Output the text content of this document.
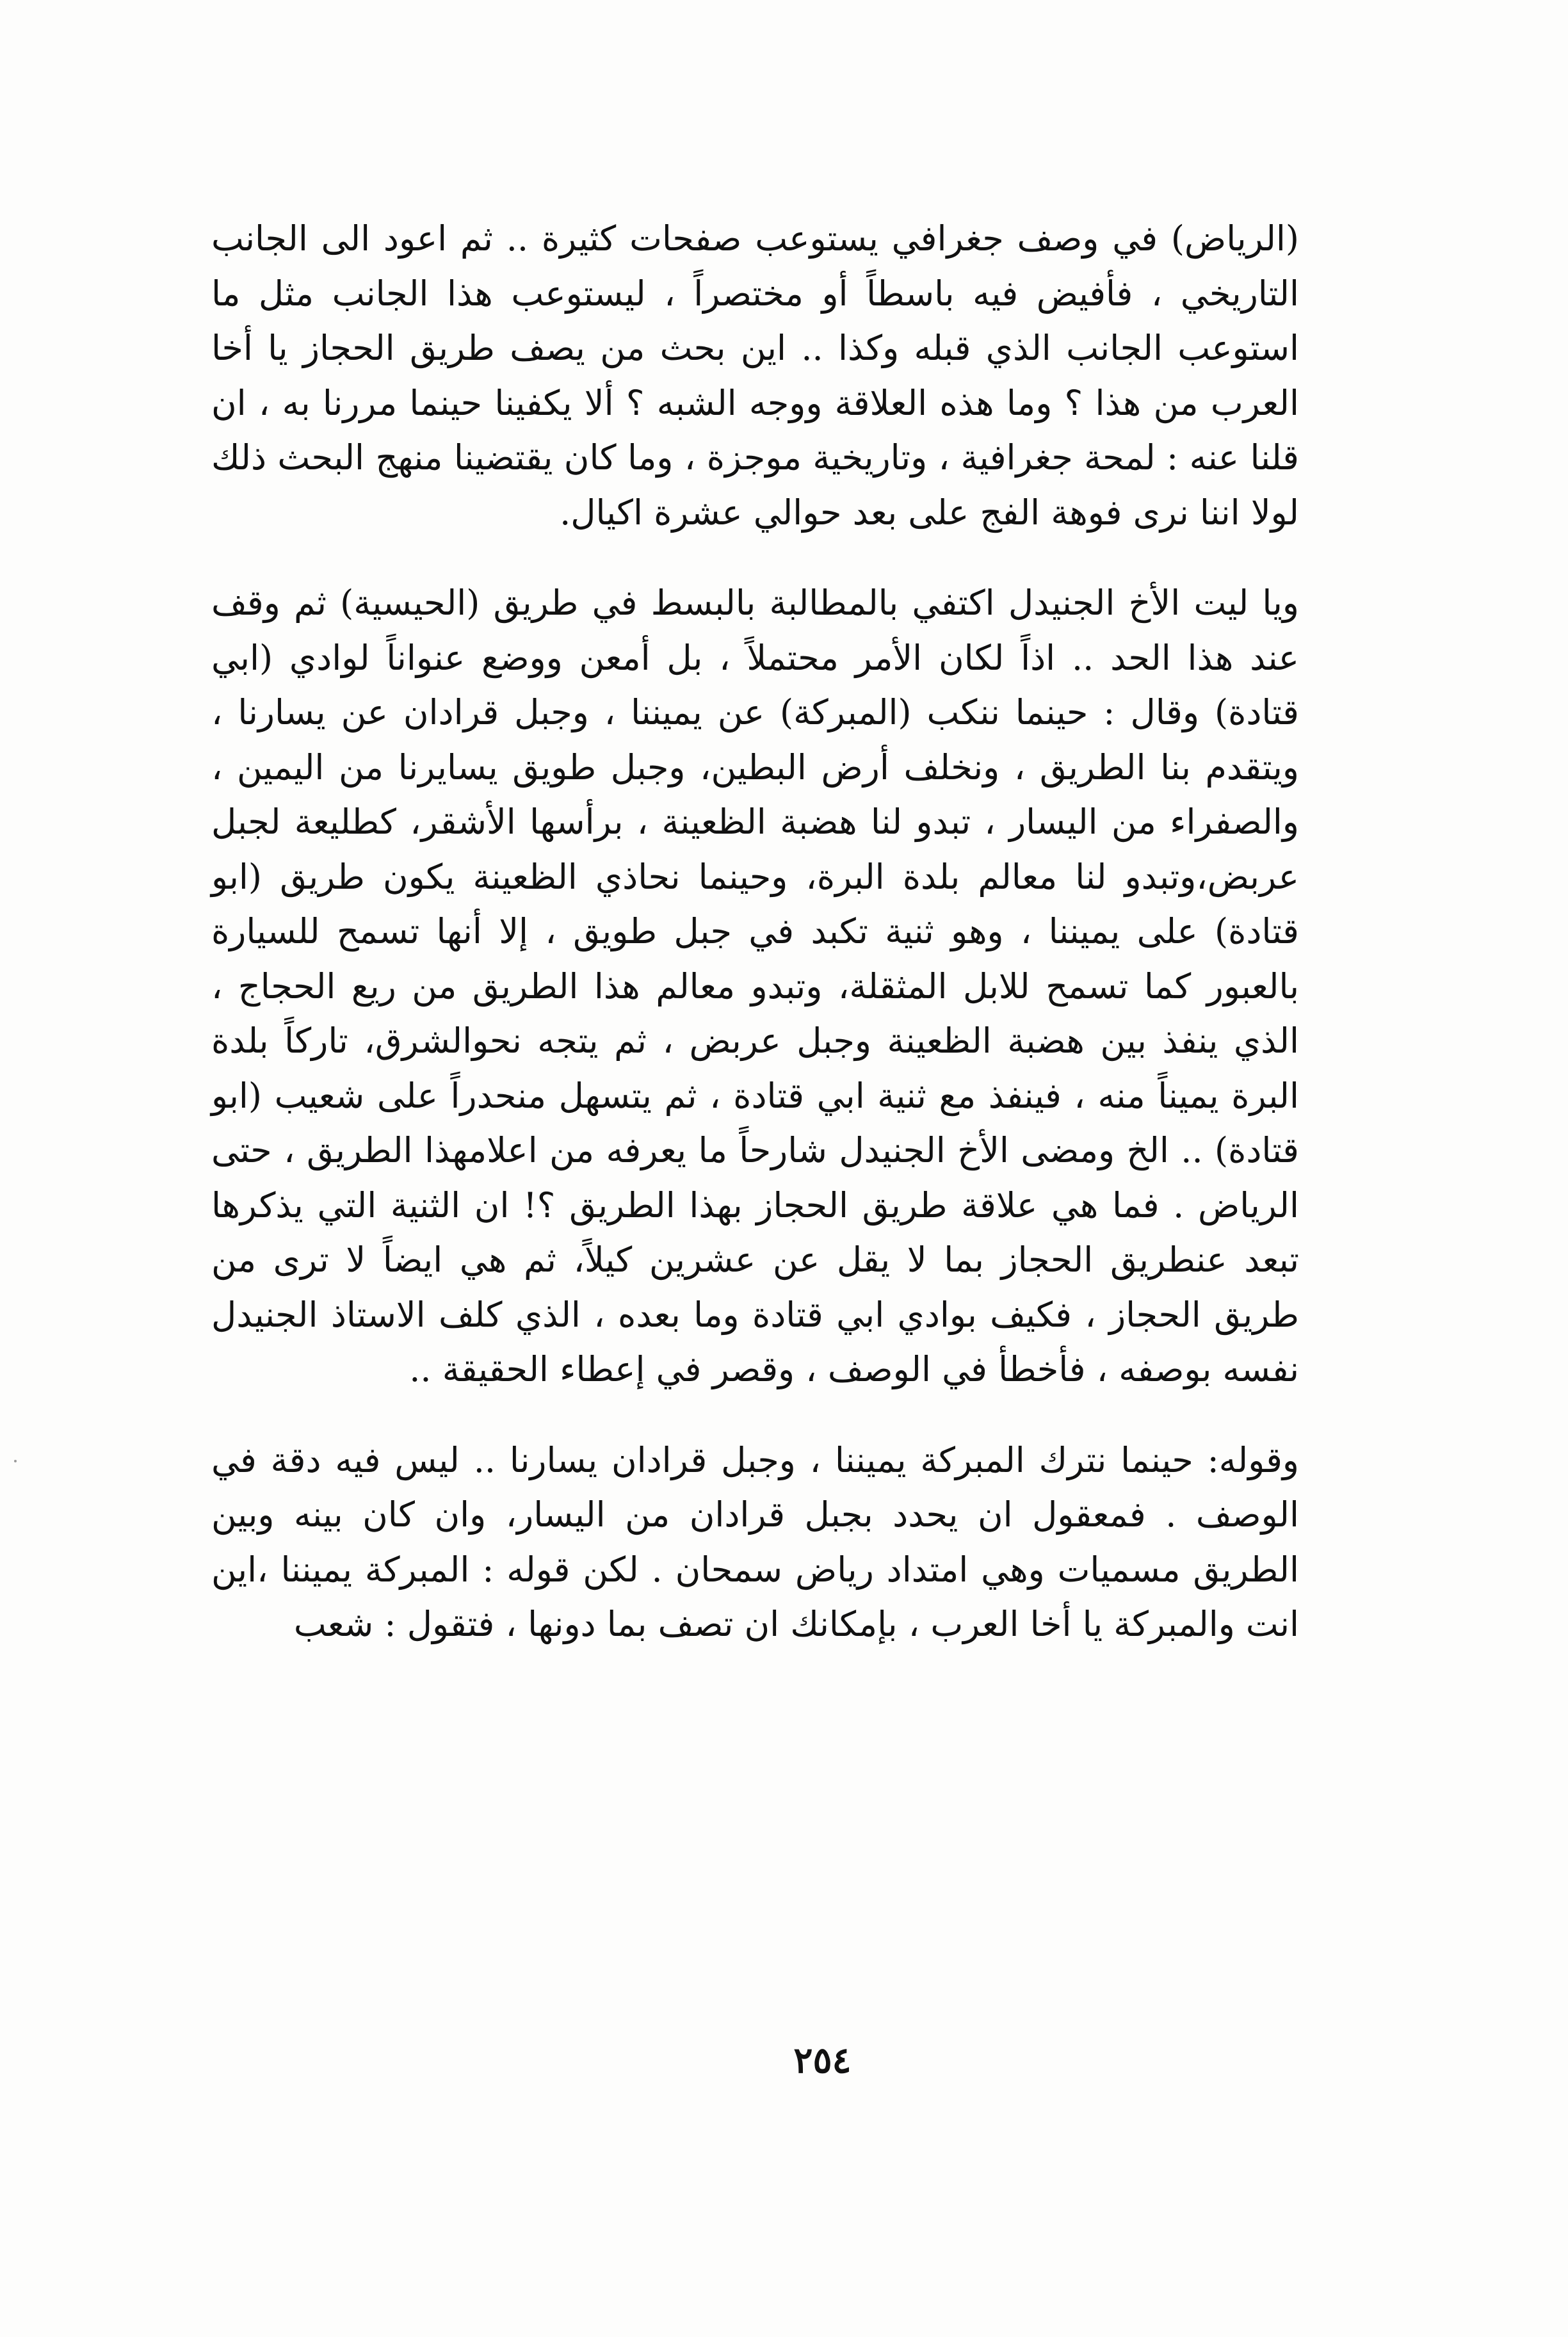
(الرياض) في وصف جغرافي يستوعب صفحات كثيرة .. ثم اعود الى الجانب التاريخي ، فأفيض فيه باسطاً أو مختصراً ، ليستوعب هذا الجانب مثل ما استوعب الجانب الذي قبله وكذا .. اين بحث من يصف طريق الحجاز يا أخا العرب من هذا ؟ وما هذه العلاقة ووجه الشبه ؟ ألا يكفينا حينما مررنا به ، ان قلنا عنه : لمحة جغرافية ، وتاريخية موجزة ، وما كان يقتضينا منهج البحث ذلك لولا اننا نرى فوهة الفج على بعد حوالي عشرة اكيال.

ويا ليت الأخ الجنيدل اكتفي بالمطالبة بالبسط في طريق (الحيسية) ثم وقف عند هذا الحد .. اذاً لكان الأمر محتملاً ، بل أمعن ووضع عنواناً لوادي (ابي قتادة) وقال : حينما ننكب (المبركة) عن يميننا ، وجبل قرادان عن يسارنا ، ويتقدم بنا الطريق ، ونخلف أرض البطين، وجبل طويق يسايرنا من اليمين ، والصفراء من اليسار ، تبدو لنا هضبة الظعينة ، برأسها الأشقر، كطليعة لجبل عربض،وتبدو لنا معالم بلدة البرة، وحينما نحاذي الظعينة يكون طريق (ابو قتادة) على يميننا ، وهو ثنية تكبد في جبل طويق ، إلا أنها تسمح للسيارة بالعبور كما تسمح للابل المثقلة، وتبدو معالم هذا الطريق من ريع الحجاج ، الذي ينفذ بين هضبة الظعينة وجبل عربض ، ثم يتجه نحوالشرق، تاركاً بلدة البرة يميناً منه ، فينفذ مع ثنية ابي قتادة ، ثم يتسهل منحدراً على شعيب (ابو قتادة) .. الخ ومضى الأخ الجنيدل شارحاً ما يعرفه من اعلامهذا الطريق ، حتى الرياض . فما هي علاقة طريق الحجاز بهذا الطريق ؟! ان الثنية التي يذكرها تبعد عنطريق الحجاز بما لا يقل عن عشرين كيلاً، ثم هي ايضاً لا ترى من طريق الحجاز ، فكيف بوادي ابي قتادة وما بعده ، الذي كلف الاستاذ الجنيدل نفسه بوصفه ، فأخطأ في الوصف ، وقصر في إعطاء الحقيقة ..

وقوله: حينما نترك المبركة يميننا ، وجبل قرادان يسارنا .. ليس فيه دقة في الوصف . فمعقول ان يحدد بجبل قرادان من اليسار، وان كان بينه وبين الطريق مسميات وهي امتداد رياض سمحان . لكن قوله : المبركة يميننا ،اين انت والمبركة يا أخا العرب ، بإمكانك ان تصف بما دونها ، فتقول : شعب

٢٥٤
